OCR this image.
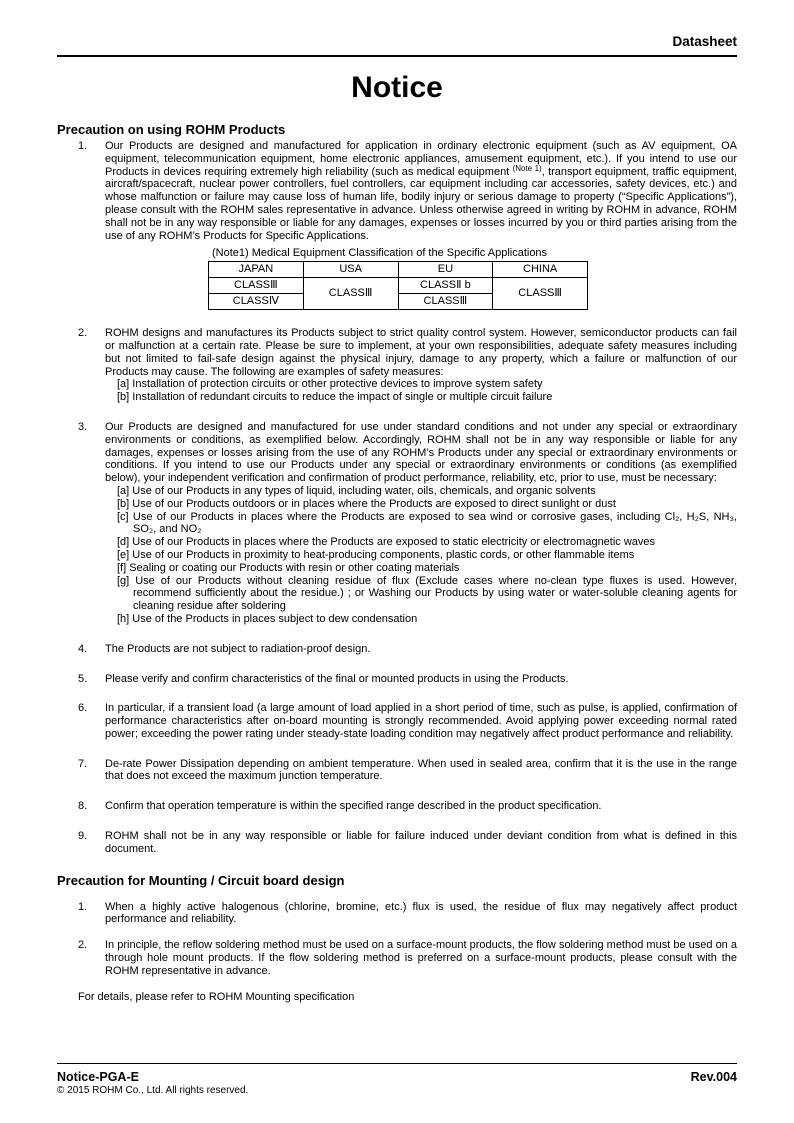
Datasheet
Notice
Precaution on using ROHM Products
1.	Our Products are designed and manufactured for application in ordinary electronic equipment (such as AV equipment, OA equipment, telecommunication equipment, home electronic appliances, amusement equipment, etc.). If you intend to use our Products in devices requiring extremely high reliability (such as medical equipment $^{(Note 1)}$, transport equipment, traffic equipment, aircraft/spacecraft, nuclear power controllers, fuel controllers, car equipment including car accessories, safety devices, etc.) and whose malfunction or failure may cause loss of human life, bodily injury or serious damage to property (“Specific Applications”), please consult with the ROHM sales representative in advance. Unless otherwise agreed in writing by ROHM in advance, ROHM shall not be in any way responsible or liable for any damages, expenses or losses incurred by you or third parties arising from the use of any ROHM’s Products for Specific Applications.
(Note1) Medical Equipment Classification of the Specific Applications
JAPAN	USA	EU	CHINA
CLASSⅢ	CLASSⅢ	CLASSⅡ b	CLASSⅢ
CLASSⅣ		CLASSⅢ	
2.	ROHM designs and manufactures its Products subject to strict quality control system. However, semiconductor products can fail or malfunction at a certain rate. Please be sure to implement, at your own responsibilities, adequate safety measures including but not limited to fail-safe design against the physical injury, damage to any property, which a failure or malfunction of our Products may cause. The following are examples of safety measures:
[a] Installation of protection circuits or other protective devices to improve system safety
[b] Installation of redundant circuits to reduce the impact of single or multiple circuit failure
3.	Our Products are designed and manufactured for use under standard conditions and not under any special or extraordinary environments or conditions, as exemplified below. Accordingly, ROHM shall not be in any way responsible or liable for any damages, expenses or losses arising from the use of any ROHM’s Products under any special or extraordinary environments or conditions. If you intend to use our Products under any special or extraordinary environments or conditions (as exemplified below), your independent verification and confirmation of product performance, reliability, etc, prior to use, must be necessary:
[a] Use of our Products in any types of liquid, including water, oils, chemicals, and organic solvents
[b] Use of our Products outdoors or in places where the Products are exposed to direct sunlight or dust
[c] Use of our Products in places where the Products are exposed to sea wind or corrosive gases, including Cl₂, H₂S, NH₃, SO₂, and NO₂
[d] Use of our Products in places where the Products are exposed to static electricity or electromagnetic waves
[e] Use of our Products in proximity to heat-producing components, plastic cords, or other flammable items
[f] Sealing or coating our Products with resin or other coating materials
[g] Use of our Products without cleaning residue of flux (Exclude cases where no-clean type fluxes is used. However, recommend sufficiently about the residue.) ; or Washing our Products by using water or water-soluble cleaning agents for cleaning residue after soldering
[h] Use of the Products in places subject to dew condensation
4.	The Products are not subject to radiation-proof design.
5.	Please verify and confirm characteristics of the final or mounted products in using the Products.
6.	In particular, if a transient load (a large amount of load applied in a short period of time, such as pulse, is applied, confirmation of performance characteristics after on-board mounting is strongly recommended. Avoid applying power exceeding normal rated power; exceeding the power rating under steady-state loading condition may negatively affect product performance and reliability.
7.	De-rate Power Dissipation depending on ambient temperature. When used in sealed area, confirm that it is the use in the range that does not exceed the maximum junction temperature.
8.	Confirm that operation temperature is within the specified range described in the product specification.
9.	ROHM shall not be in any way responsible or liable for failure induced under deviant condition from what is defined in this document.
Precaution for Mounting / Circuit board design
1.	When a highly active halogenous (chlorine, bromine, etc.) flux is used, the residue of flux may negatively affect product performance and reliability.
2.	In principle, the reflow soldering method must be used on a surface-mount products, the flow soldering method must be used on a through hole mount products. If the flow soldering method is preferred on a surface-mount products, please consult with the ROHM representative in advance.
For details, please refer to ROHM Mounting specification
Notice-PGA-E	Rev.004
© 2015 ROHM Co., Ltd. All rights reserved.
